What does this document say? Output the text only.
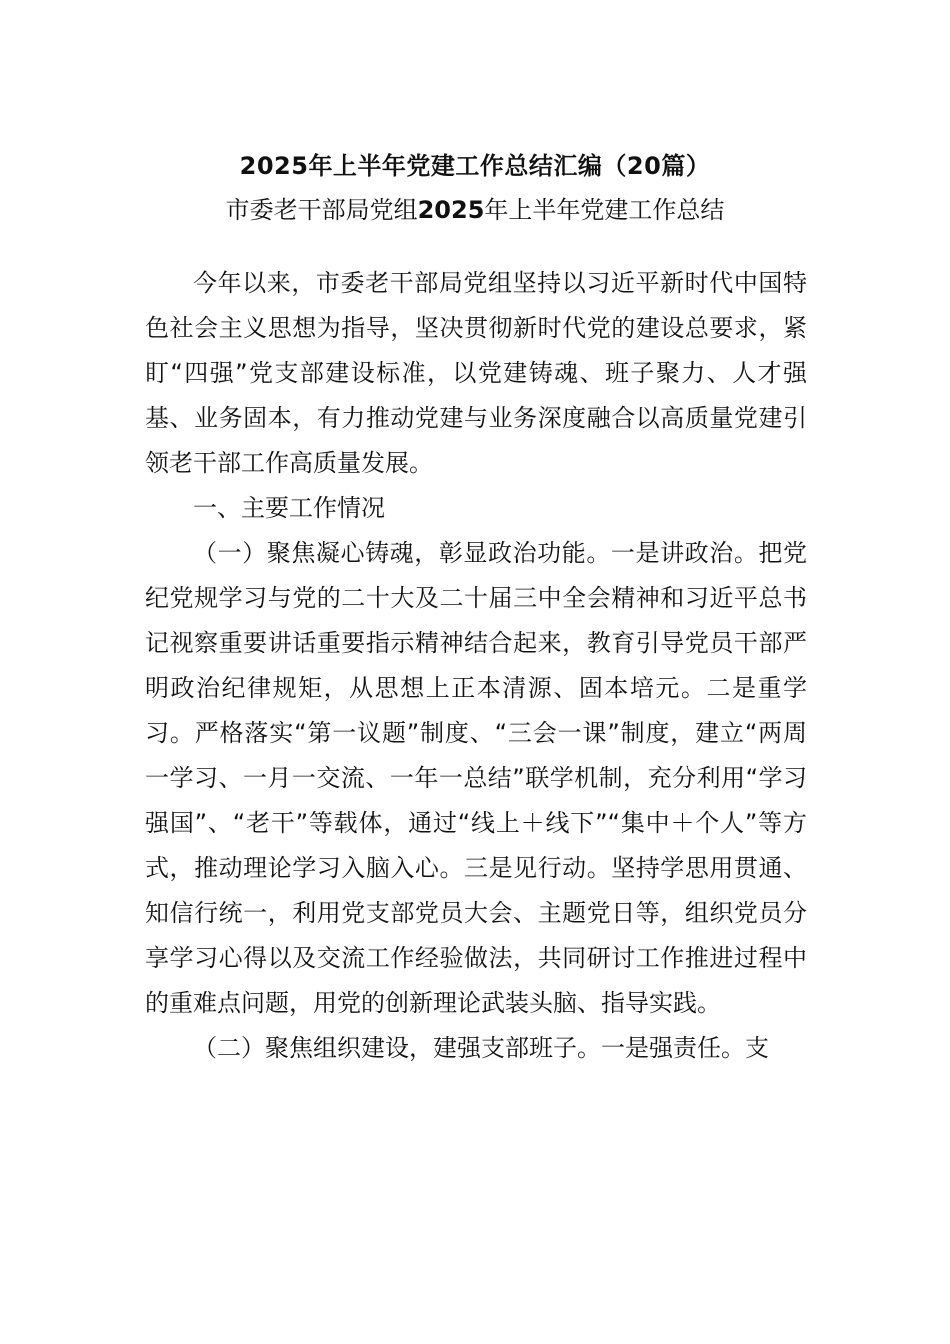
2025年上半年党建工作总结汇编（20篇）
市委老干部局党组2025年上半年党建工作总结

今年以来，市委老干部局党组坚持以习近平新时代中国特色社会主义思想为指导，坚决贯彻新时代党的建设总要求，紧盯“四强”党支部建设标准，以党建铸魂、班子聚力、人才强基、业务固本，有力推动党建与业务深度融合以高质量党建引领老干部工作高质量发展。

一、主要工作情况

（一）聚焦凝心铸魂，彰显政治功能。一是讲政治。把党纪党规学习与党的二十大及二十届三中全会精神和习近平总书记视察重要讲话重要指示精神结合起来，教育引导党员干部严明政治纪律规矩，从思想上正本清源、固本培元。二是重学习。严格落实“第一议题”制度、“三会一课”制度，建立“两周一学习、一月一交流、一年一总结”联学机制，充分利用“学习强国”、“老干”等载体，通过“线上＋线下”“集中＋个人”等方式，推动理论学习入脑入心。三是见行动。坚持学思用贯通、知信行统一，利用党支部党员大会、主题党日等，组织党员分享学习心得以及交流工作经验做法，共同研讨工作推进过程中的重难点问题，用党的创新理论武装头脑、指导实践。

（二）聚焦组织建设，建强支部班子。一是强责任。支
